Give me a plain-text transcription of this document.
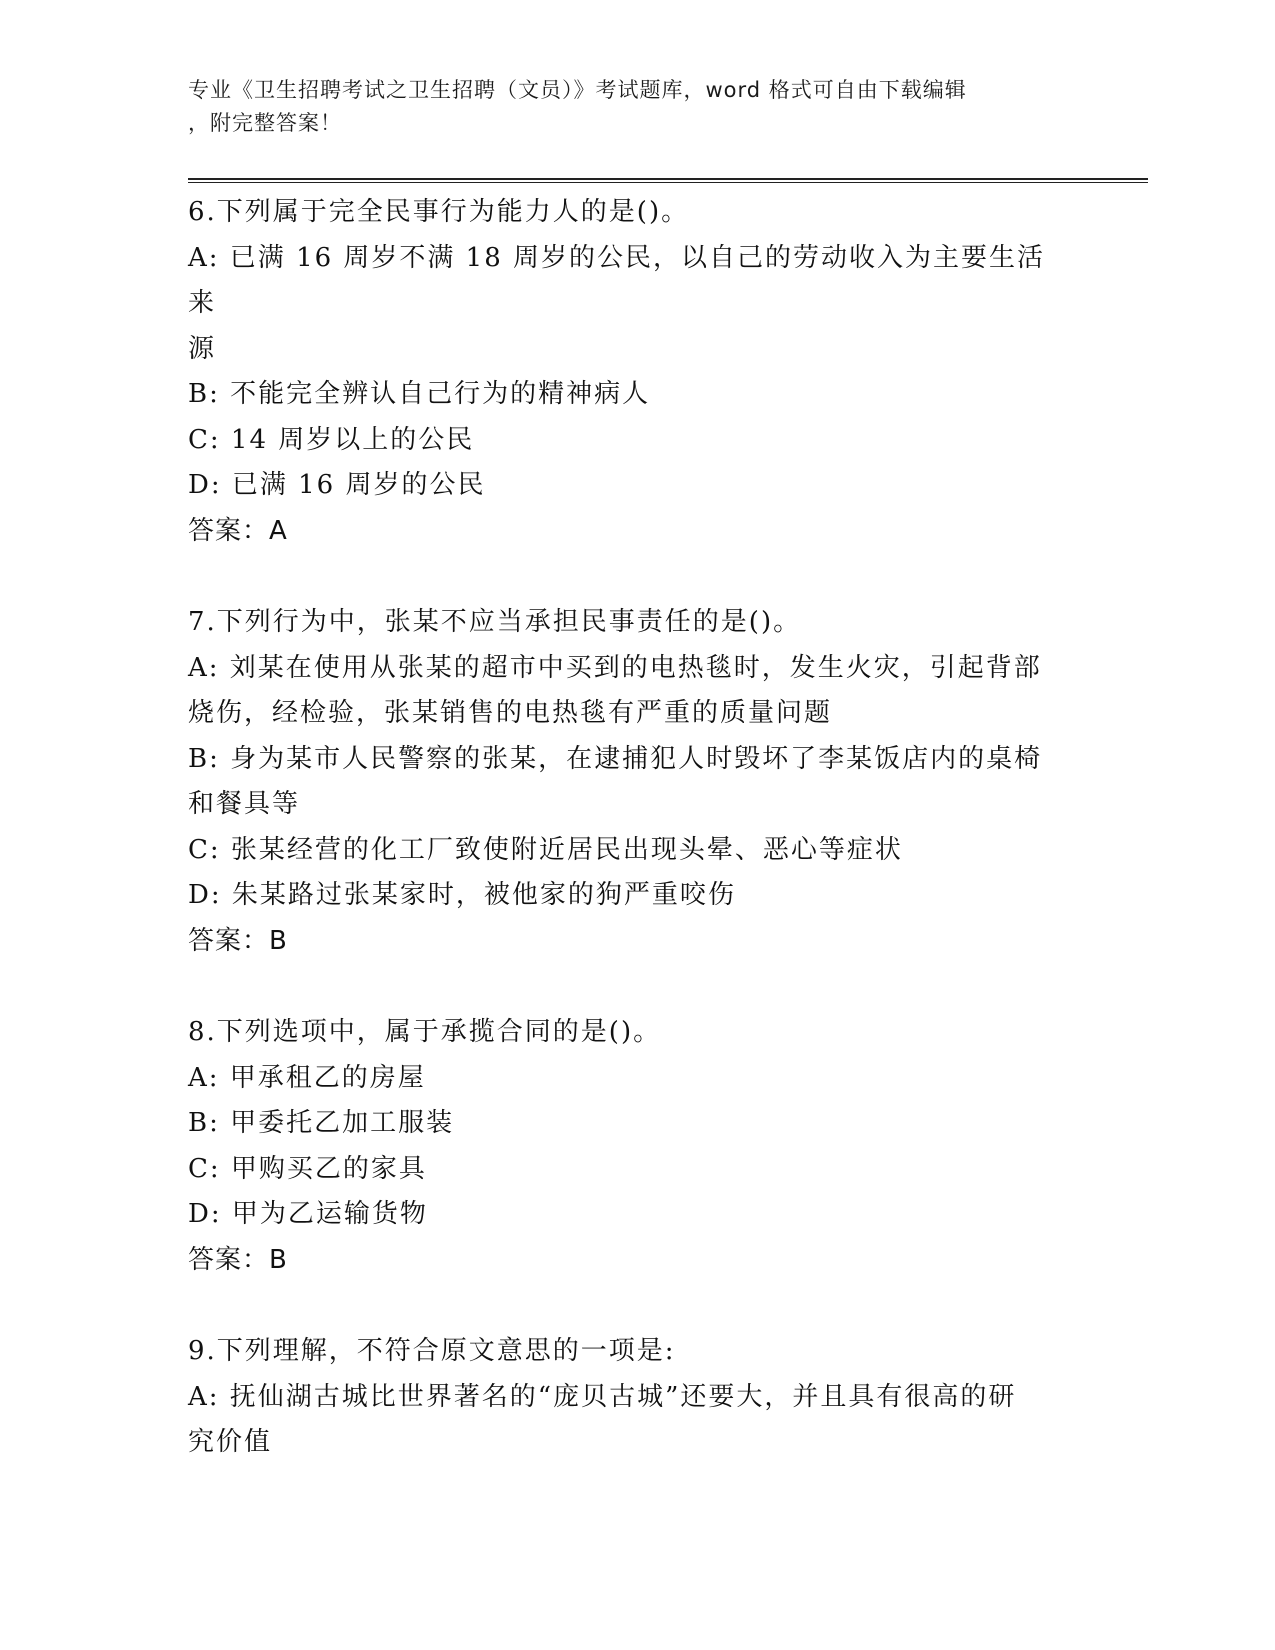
专业《卫生招聘考试之卫生招聘（文员）》考试题库，word 格式可自由下载编辑
，附完整答案！

6.下列属于完全民事行为能力人的是()。

A: 已满 16 周岁不满 18 周岁的公民，以自己的劳动收入为主要生活来

源

B: 不能完全辨认自己行为的精神病人

C: 14 周岁以上的公民

D: 已满 16 周岁的公民

答案：A

7.下列行为中，张某不应当承担民事责任的是()。

A: 刘某在使用从张某的超市中买到的电热毯时，发生火灾，引起背部

烧伤，经检验，张某销售的电热毯有严重的质量问题

B: 身为某市人民警察的张某，在逮捕犯人时毁坏了李某饭店内的桌椅

和餐具等

C: 张某经营的化工厂致使附近居民出现头晕、恶心等症状

D: 朱某路过张某家时，被他家的狗严重咬伤

答案：B

8.下列选项中，属于承揽合同的是()。

A: 甲承租乙的房屋

B: 甲委托乙加工服装

C: 甲购买乙的家具

D: 甲为乙运输货物

答案：B

9.下列理解，不符合原文意思的一项是:

A: 抚仙湖古城比世界著名的“庞贝古城”还要大，并且具有很高的研

究价值
